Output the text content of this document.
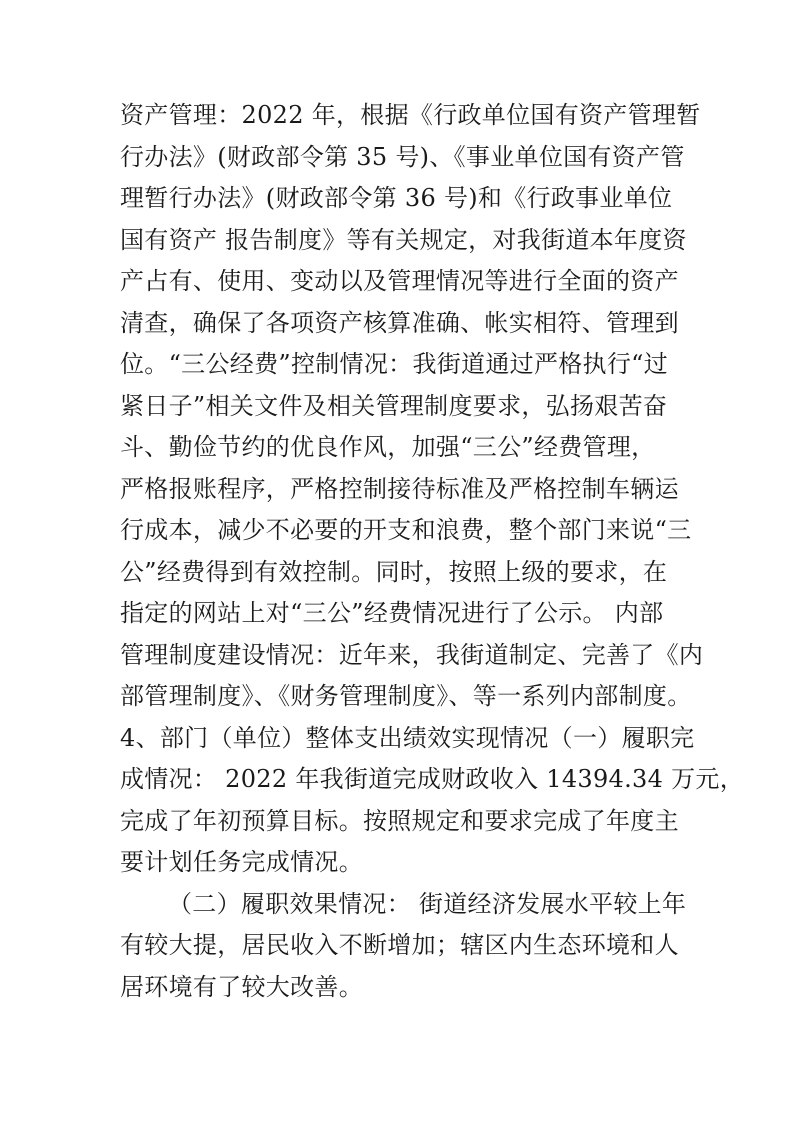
资产管理：2022 年，根据《行政单位国有资产管理暂
行办法》(财政部令第 35 号)、《事业单位国有资产管
理暂行办法》(财政部令第 36 号)和《行政事业单位
国有资产 报告制度》等有关规定，对我街道本年度资
产占有、使用、变动以及管理情况等进行全面的资产
清查，确保了各项资产核算准确、帐实相符、管理到
位。“三公经费”控制情况：我街道通过严格执行“过
紧日子”相关文件及相关管理制度要求，弘扬艰苦奋
斗、勤俭节约的优良作风，加强“三公”经费管理，
严格报账程序，严格控制接待标准及严格控制车辆运
行成本，减少不必要的开支和浪费，整个部门来说“三
公”经费得到有效控制。同时，按照上级的要求，在
指定的网站上对“三公”经费情况进行了公示。 内部
管理制度建设情况：近年来，我街道制定、完善了《内
部管理制度》、《财务管理制度》、等一系列内部制度。
4、部门（单位）整体支出绩效实现情况（一）履职完
成情况： 2022 年我街道完成财政收入 14394.34 万元，
完成了年初预算目标。按照规定和要求完成了年度主
要计划任务完成情况。

（二）履职效果情况： 街道经济发展水平较上年
有较大提，居民收入不断增加；辖区内生态环境和人
居环境有了较大改善。
